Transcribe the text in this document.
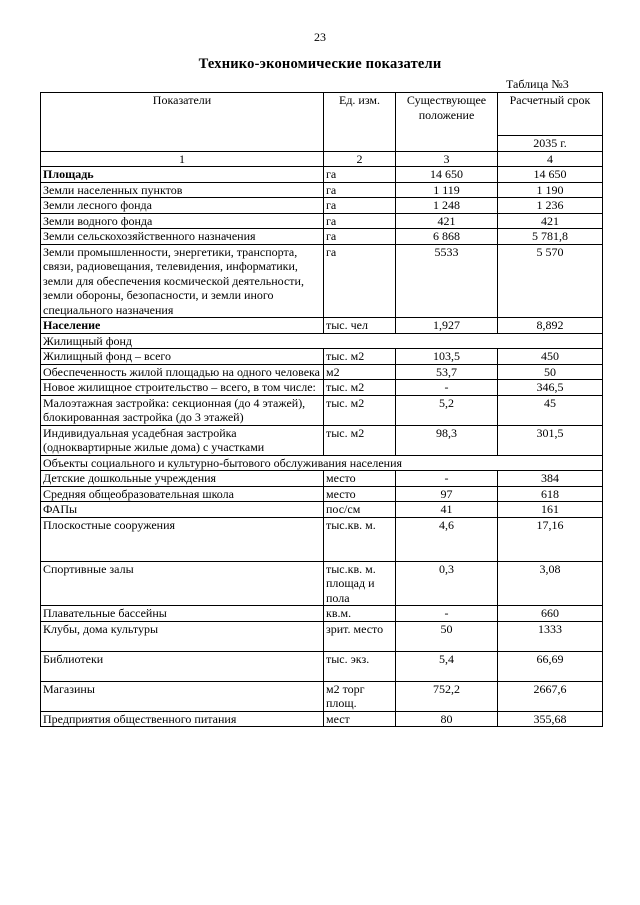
23
Технико-экономические показатели
Таблица №3
Показатели	Ед. изм.	Существующее положение	Расчетный срок
			2035 г.
1	2	3	4
Площадь	га	14 650	14 650
Земли населенных пунктов	га	1 119	1 190
Земли лесного фонда	га	1 248	1 236
Земли водного фонда	га	421	421
Земли сельскохозяйственного назначения	га	6 868	5 781,8
Земли промышленности, энергетики, транспорта, связи, радиовещания, телевидения, информатики, земли для обеспечения космической деятельности, земли обороны, безопасности, и земли иного специального назначения	га	5533	5 570
Население	тыс. чел	1,927	8,892
Жилищный фонд			
Жилищный фонд – всего	тыс. м2	103,5	450
Обеспеченность жилой площадью на одного человека	м2	53,7	50
Новое жилищное строительство – всего, в том числе:	тыс. м2	-	346,5
Малоэтажная застройка: секционная (до 4 этажей), блокированная застройка (до 3 этажей)	тыс. м2	5,2	45
Индивидуальная усадебная застройка (одноквартирные жилые дома) с участками	тыс. м2	98,3	301,5
Объекты социального и культурно-бытового обслуживания населения			
Детские дошкольные учреждения	место	-	384
Средняя общеобразовательная школа	место	97	618
ФАПы	пос/см	41	161
Плоскостные сооружения	тыс.кв. м.	4,6	17,16
Спортивные залы	тыс.кв. м. площад и пола	0,3	3,08
Плавательные бассейны	кв.м.	-	660
Клубы, дома культуры	зрит. место	50	1333
Библиотеки	тыс. экз.	5,4	66,69
Магазины	м2 торг площ.	752,2	2667,6
Предприятия общественного питания	мест	80	355,68
